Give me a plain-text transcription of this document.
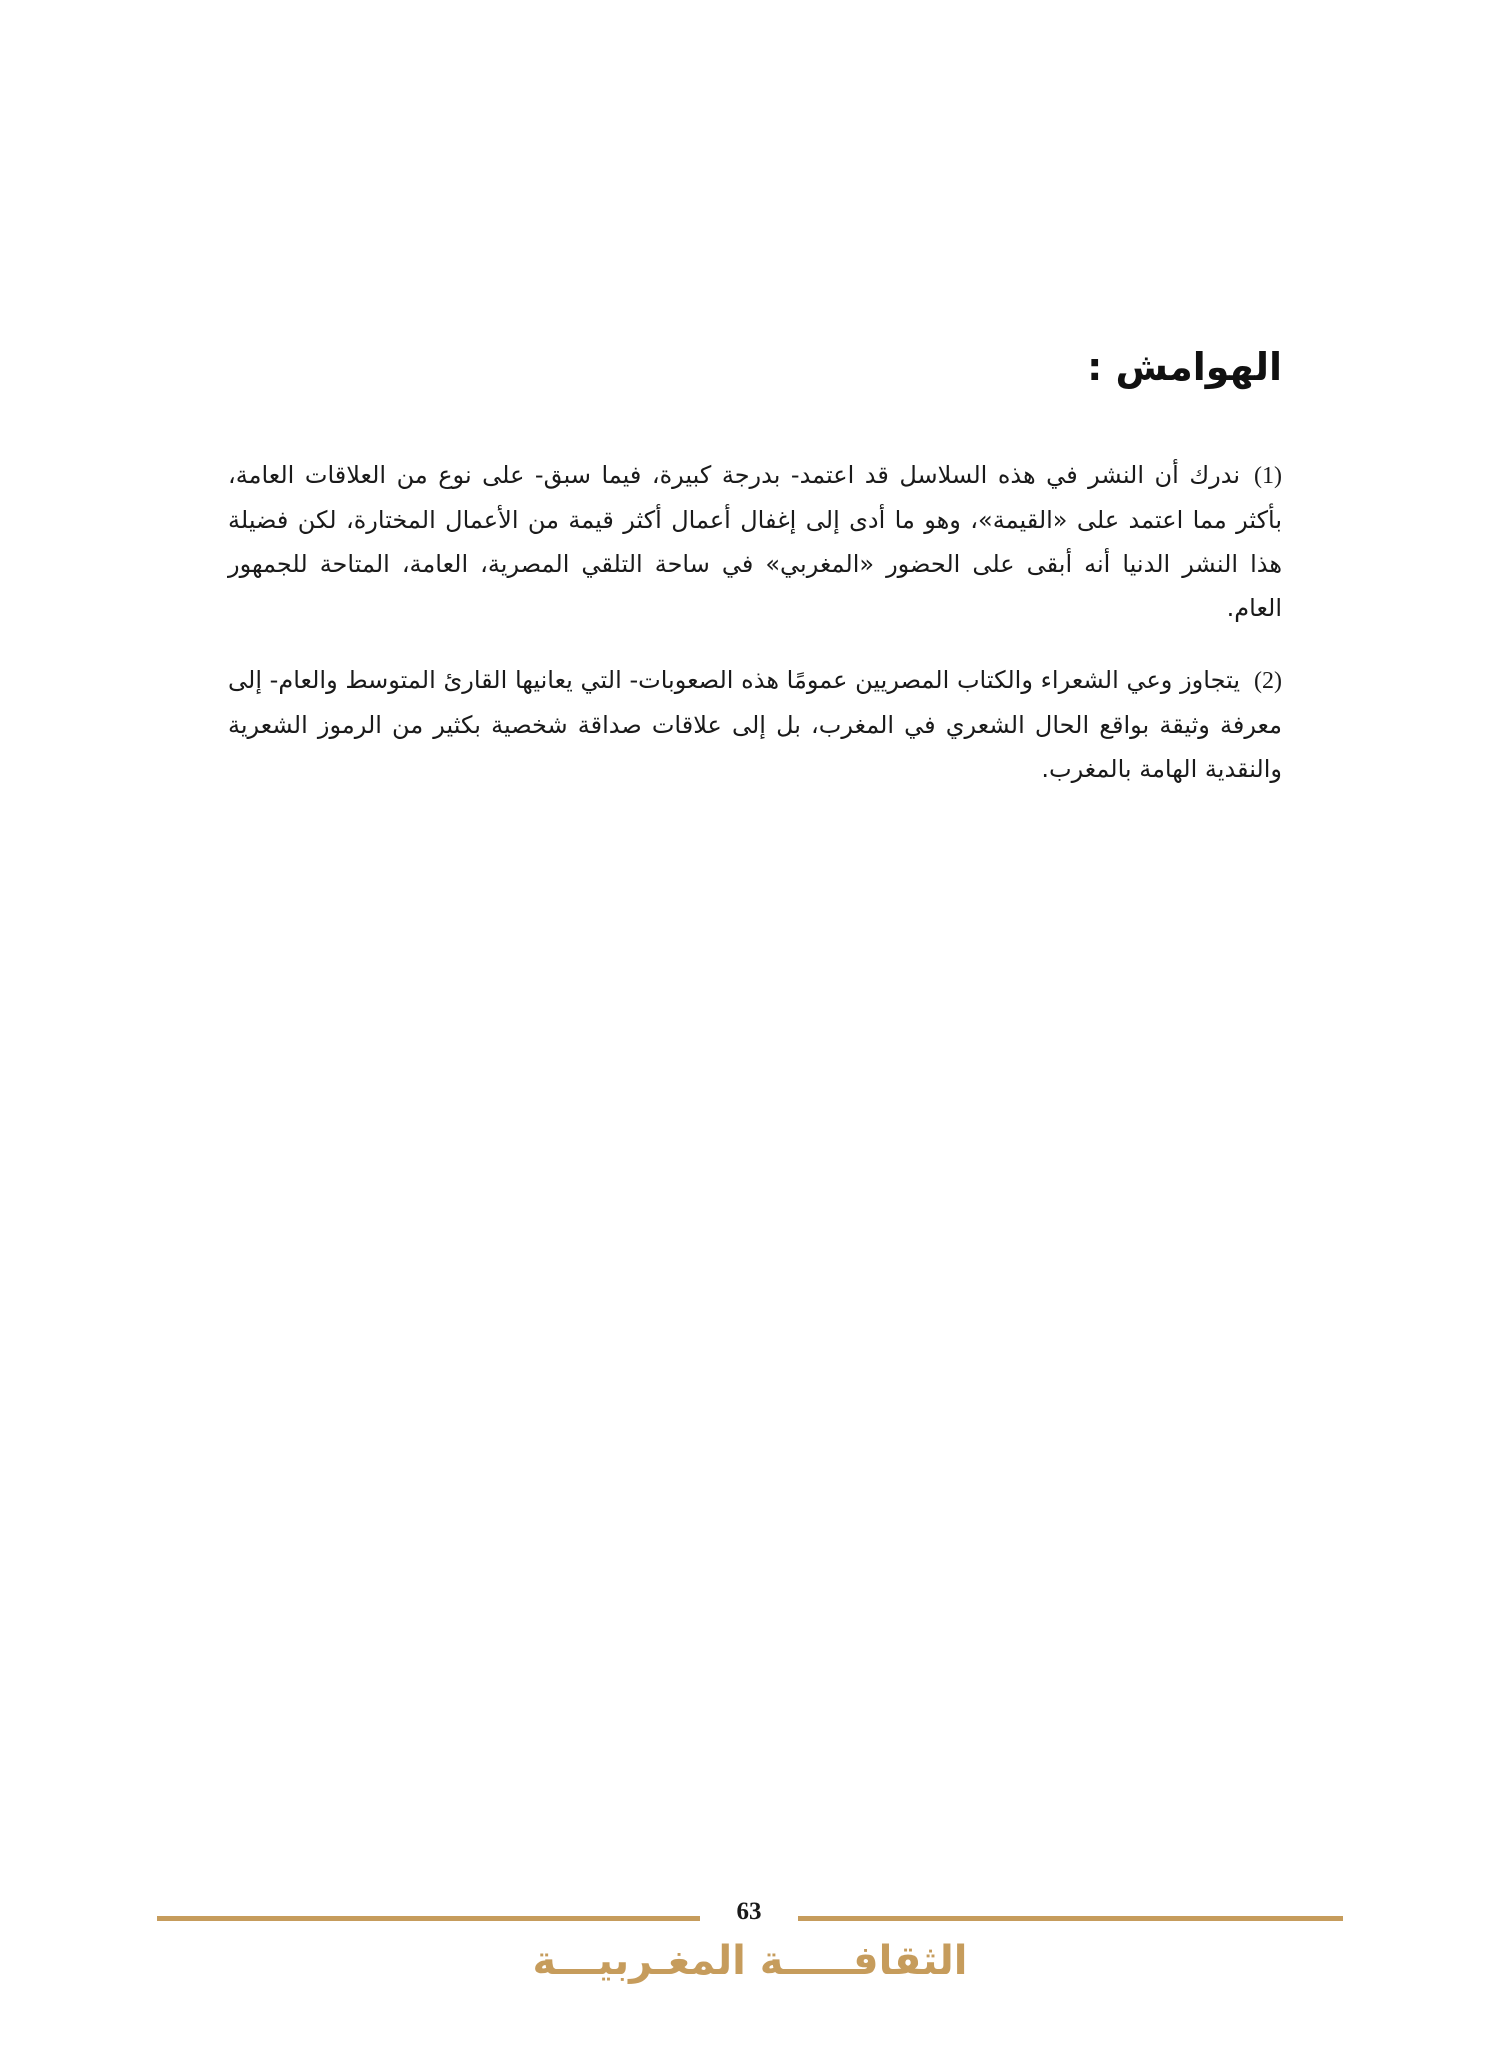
الهوامش :

(1)ندرك أن النشر في هذه السلاسل قد اعتمد- بدرجة كبيرة، فيما سبق- على نوع من العلاقات العامة، بأكثر مما اعتمد على «القيمة»، وهو ما أدى إلى إغفال أعمال أكثر قيمة من الأعمال المختارة، لكن فضيلة هذا النشر الدنيا أنه أبقى على الحضور «المغربي» في ساحة التلقي المصرية، العامة، المتاحة للجمهور العام.

(2)يتجاوز وعي الشعراء والكتاب المصريين عمومًا هذه الصعوبات- التي يعانيها القارئ المتوسط والعام- إلى معرفة وثيقة بواقع الحال الشعري في المغرب، بل إلى علاقات صداقة شخصية بكثير من الرموز الشعرية والنقدية الهامة بالمغرب.

63
الثقافـــــة المغـربيـــة
